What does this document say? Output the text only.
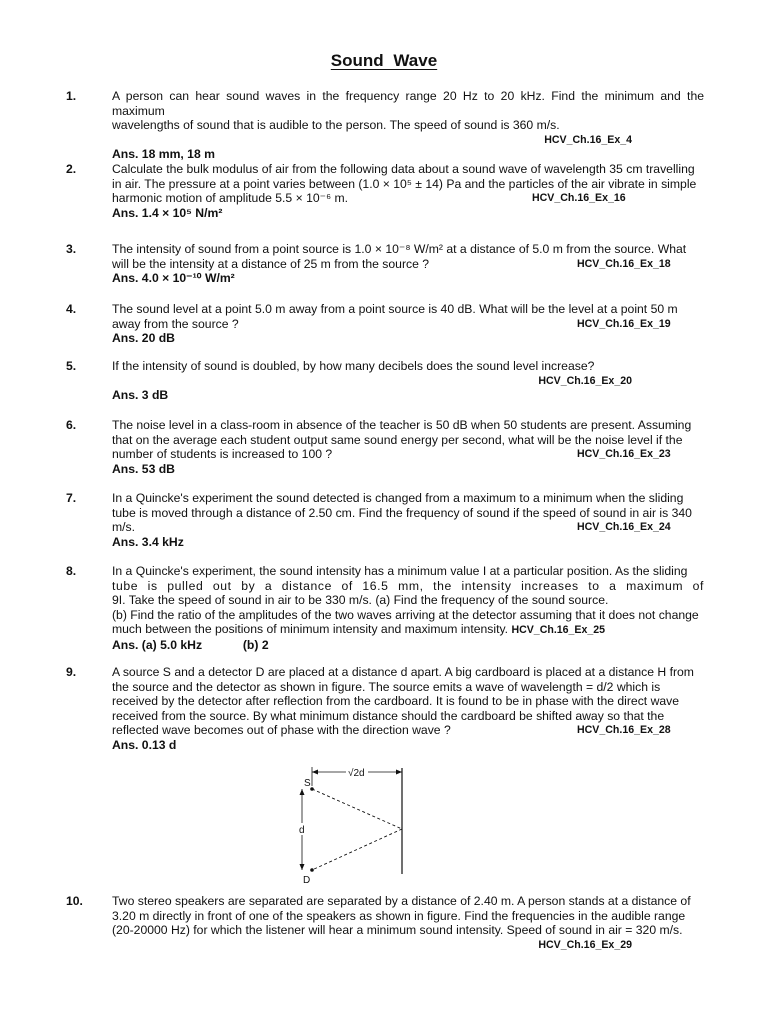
Sound Wave
1.	A person can hear sound waves in the frequency range 20 Hz to 20 kHz. Find the minimum and the maximum

wavelengths of sound that is audible to the person. The speed of sound is 360 m/s.

HCV_Ch.16_Ex_4
Ans. 18 mm, 18 m
2.	Calculate the bulk modulus of air from the following data about a sound wave of wavelength 35 cm travelling

in air. The pressure at a point varies between (1.0 × 10⁵ ± 14) Pa and the particles of the air vibrate in simple

harmonic motion of amplitude 5.5 × 10⁻⁶ m.	HCV_Ch.16_Ex_16
Ans. 1.4 × 10⁵ N/m²
3.	The intensity of sound from a point source is 1.0 × 10⁻⁸ W/m² at a distance of 5.0 m from the source. What

will be the intensity at a distance of 25 m from the source ?	HCV_Ch.16_Ex_18
Ans. 4.0 × 10⁻¹⁰ W/m²
4.	The sound level at a point 5.0 m away from a point source is 40 dB. What will be the level at a point 50 m

away from the source ?	HCV_Ch.16_Ex_19
Ans. 20 dB
5.	If the intensity of sound is doubled, by how many decibels does the sound level increase?

HCV_Ch.16_Ex_20
Ans. 3 dB
6.	The noise level in a class-room in absence of the teacher is 50 dB when 50 students are present. Assuming

that on the average each student output same sound energy per second, what will be the noise level if the

number of students is increased to 100 ?	HCV_Ch.16_Ex_23
Ans. 53 dB
7.	In a Quincke's experiment the sound detected is changed from a maximum to a minimum when the sliding

tube is moved through a distance of 2.50 cm. Find the frequency of sound if the speed of sound in air is 340

m/s.	HCV_Ch.16_Ex_24
Ans. 3.4 kHz
8.	In a Quincke's experiment, the sound intensity has a minimum value I at a particular position. As the sliding

tube is pulled out by a distance of 16.5 mm, the intensity increases to a maximum of

9I. Take the speed of sound in air to be 330 m/s. (a) Find the frequency of the sound source.

(b) Find the ratio of the amplitudes of the two waves arriving at the detector assuming that it does not change

much between the positions of minimum intensity and maximum intensity. HCV_Ch.16_Ex_25
Ans. (a) 5.0 kHz	(b) 2
9.	A source S and a detector D are placed at a distance d apart. A big cardboard is placed at a distance H from

the source and the detector as shown in figure. The source emits a wave of wavelength = d/2 which is

received by the detector after reflection from the cardboard. It is found to be in phase with the direct wave

received from the source. By what minimum distance should the cardboard be shifted away so that the

reflected wave becomes out of phase with the direction wave ?	HCV_Ch.16_Ex_28
Ans. 0.13 d
√2d
d
S
D
10. Two stereo speakers are separated are separated by a distance of 2.40 m. A person stands at a distance of

3.20 m directly in front of one of the speakers as shown in figure. Find the frequencies in the audible range

(20-20000 Hz) for which the listener will hear a minimum sound intensity. Speed of sound in air = 320 m/s.

HCV_Ch.16_Ex_29
